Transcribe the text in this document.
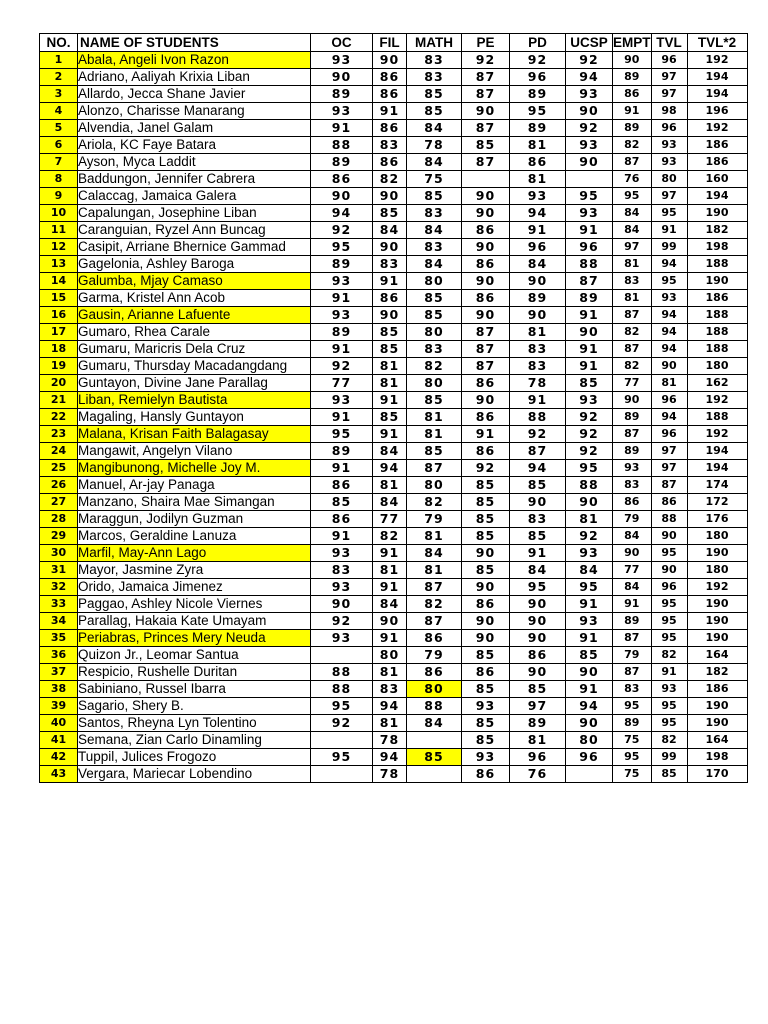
NO.	NAME OF STUDENTS	OC	FIL	MATH	PE	PD	UCSP	EMPT	TVL	TVL*2
1	Abala, Angeli Ivon Razon	93	90	83	92	92	92	90	96	192
2	Adriano, Aaliyah Krixia Liban	90	86	83	87	96	94	89	97	194
3	Allardo, Jecca Shane Javier	89	86	85	87	89	93	86	97	194
4	Alonzo, Charisse Manarang	93	91	85	90	95	90	91	98	196
5	Alvendia, Janel Galam	91	86	84	87	89	92	89	96	192
6	Ariola, KC Faye Batara	88	83	78	85	81	93	82	93	186
7	Ayson, Myca Laddit	89	86	84	87	86	90	87	93	186
8	Baddungon, Jennifer Cabrera	86	82	75		81		76	80	160
9	Calaccag, Jamaica Galera	90	90	85	90	93	95	95	97	194
10	Capalungan, Josephine Liban	94	85	83	90	94	93	84	95	190
11	Caranguian, Ryzel Ann Buncag	92	84	84	86	91	91	84	91	182
12	Casipit, Arriane Bhernice Gammad	95	90	83	90	96	96	97	99	198
13	Gagelonia, Ashley Baroga	89	83	84	86	84	88	81	94	188
14	Galumba, Mjay Camaso	93	91	80	90	90	87	83	95	190
15	Garma, Kristel Ann Acob	91	86	85	86	89	89	81	93	186
16	Gausin, Arianne Lafuente	93	90	85	90	90	91	87	94	188
17	Gumaro, Rhea Carale	89	85	80	87	81	90	82	94	188
18	Gumaru, Maricris Dela Cruz	91	85	83	87	83	91	87	94	188
19	Gumaru, Thursday Macadangdang	92	81	82	87	83	91	82	90	180
20	Guntayon, Divine Jane Parallag	77	81	80	86	78	85	77	81	162
21	Liban, Remielyn Bautista	93	91	85	90	91	93	90	96	192
22	Magaling, Hansly Guntayon	91	85	81	86	88	92	89	94	188
23	Malana, Krisan Faith Balagasay	95	91	81	91	92	92	87	96	192
24	Mangawit, Angelyn Vilano	89	84	85	86	87	92	89	97	194
25	Mangibunong, Michelle Joy M.	91	94	87	92	94	95	93	97	194
26	Manuel, Ar-jay Panaga	86	81	80	85	85	88	83	87	174
27	Manzano, Shaira Mae Simangan	85	84	82	85	90	90	86	86	172
28	Maraggun, Jodilyn Guzman	86	77	79	85	83	81	79	88	176
29	Marcos, Geraldine Lanuza	91	82	81	85	85	92	84	90	180
30	Marfil, May-Ann Lago	93	91	84	90	91	93	90	95	190
31	Mayor, Jasmine Zyra	83	81	81	85	84	84	77	90	180
32	Orido, Jamaica Jimenez	93	91	87	90	95	95	84	96	192
33	Paggao, Ashley Nicole Viernes	90	84	82	86	90	91	91	95	190
34	Parallag, Hakaia Kate Umayam	92	90	87	90	90	93	89	95	190
35	Periabras, Princes Mery Neuda	93	91	86	90	90	91	87	95	190
36	Quizon Jr., Leomar Santua		80	79	85	86	85	79	82	164
37	Respicio, Rushelle Duritan	88	81	86	86	90	90	87	91	182
38	Sabiniano, Russel Ibarra	88	83	80	85	85	91	83	93	186
39	Sagario, Shery B.	95	94	88	93	97	94	95	95	190
40	Santos, Rheyna Lyn Tolentino	92	81	84	85	89	90	89	95	190
41	Semana, Zian Carlo Dinamling		78		85	81	80	75	82	164
42	Tuppil, Julices Frogozo	95	94	85	93	96	96	95	99	198
43	Vergara, Mariecar Lobendino		78		86	76		75	85	170
